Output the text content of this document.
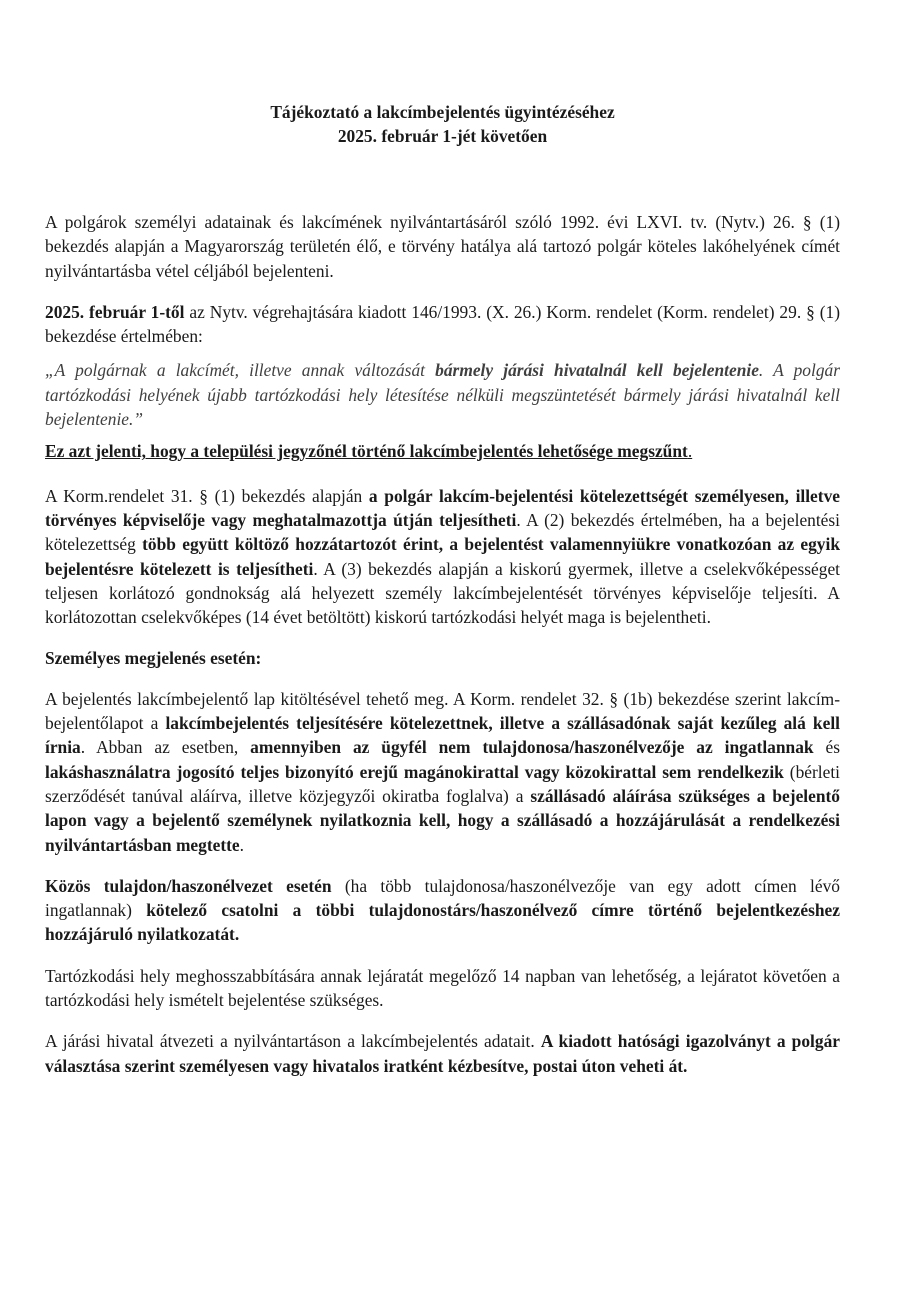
Tájékoztató a lakcímbejelentés ügyintézéséhez
2025. február 1-jét követően

A polgárok személyi adatainak és lakcímének nyilvántartásáról szóló 1992. évi LXVI. tv. (Nytv.) 26. § (1) bekezdés alapján a Magyarország területén élő, e törvény hatálya alá tartozó polgár köteles lakóhelyének címét nyilvántartásba vétel céljából bejelenteni.

2025. február 1-től az Nytv. végrehajtására kiadott 146/1993. (X. 26.) Korm. rendelet (Korm. rendelet) 29. § (1) bekezdése értelmében:

„A polgárnak a lakcímét, illetve annak változását bármely járási hivatalnál kell bejelentenie. A polgár tartózkodási helyének újabb tartózkodási hely létesítése nélküli megszüntetését bármely járási hivatalnál kell bejelentenie.”

Ez azt jelenti, hogy a települési jegyzőnél történő lakcímbejelentés lehetősége megszűnt.

A Korm.rendelet 31. § (1) bekezdés alapján a polgár lakcím-bejelentési kötelezettségét személyesen, illetve törvényes képviselője vagy meghatalmazottja útján teljesítheti. A (2) bekezdés értelmében, ha a bejelentési kötelezettség több együtt költöző hozzátartozót érint, a bejelentést valamennyiükre vonatkozóan az egyik bejelentésre kötelezett is teljesítheti. A (3) bekezdés alapján a kiskorú gyermek, illetve a cselekvőképességet teljesen korlátozó gondnokság alá helyezett személy lakcímbejelentését törvényes képviselője teljesíti. A korlátozottan cselekvőképes (14 évet betöltött) kiskorú tartózkodási helyét maga is bejelentheti.

Személyes megjelenés esetén:

A bejelentés lakcímbejelentő lap kitöltésével tehető meg. A Korm. rendelet 32. § (1b) bekezdése szerint lakcím-bejelentőlapot a lakcímbejelentés teljesítésére kötelezettnek, illetve a szállásadónak saját kezűleg alá kell írnia. Abban az esetben, amennyiben az ügyfél nem tulajdonosa/haszonélvezője az ingatlannak és lakáshasználatra jogosító teljes bizonyító erejű magánokirattal vagy közokirattal sem rendelkezik (bérleti szerződését tanúval aláírva, illetve közjegyzői okiratba foglalva) a szállásadó aláírása szükséges a bejelentő lapon vagy a bejelentő személynek nyilatkoznia kell, hogy a szállásadó a hozzájárulását a rendelkezési nyilvántartásban megtette.

Közös tulajdon/haszonélvezet esetén (ha több tulajdonosa/haszonélvezője van egy adott címen lévő ingatlannak) kötelező csatolni a többi tulajdonostárs/haszonélvező címre történő bejelentkezéshez hozzájáruló nyilatkozatát.

Tartózkodási hely meghosszabbítására annak lejáratát megelőző 14 napban van lehetőség, a lejáratot követően a tartózkodási hely ismételt bejelentése szükséges.

A járási hivatal átvezeti a nyilvántartáson a lakcímbejelentés adatait. A kiadott hatósági igazolványt a polgár választása szerint személyesen vagy hivatalos iratként kézbesítve, postai úton veheti át.
